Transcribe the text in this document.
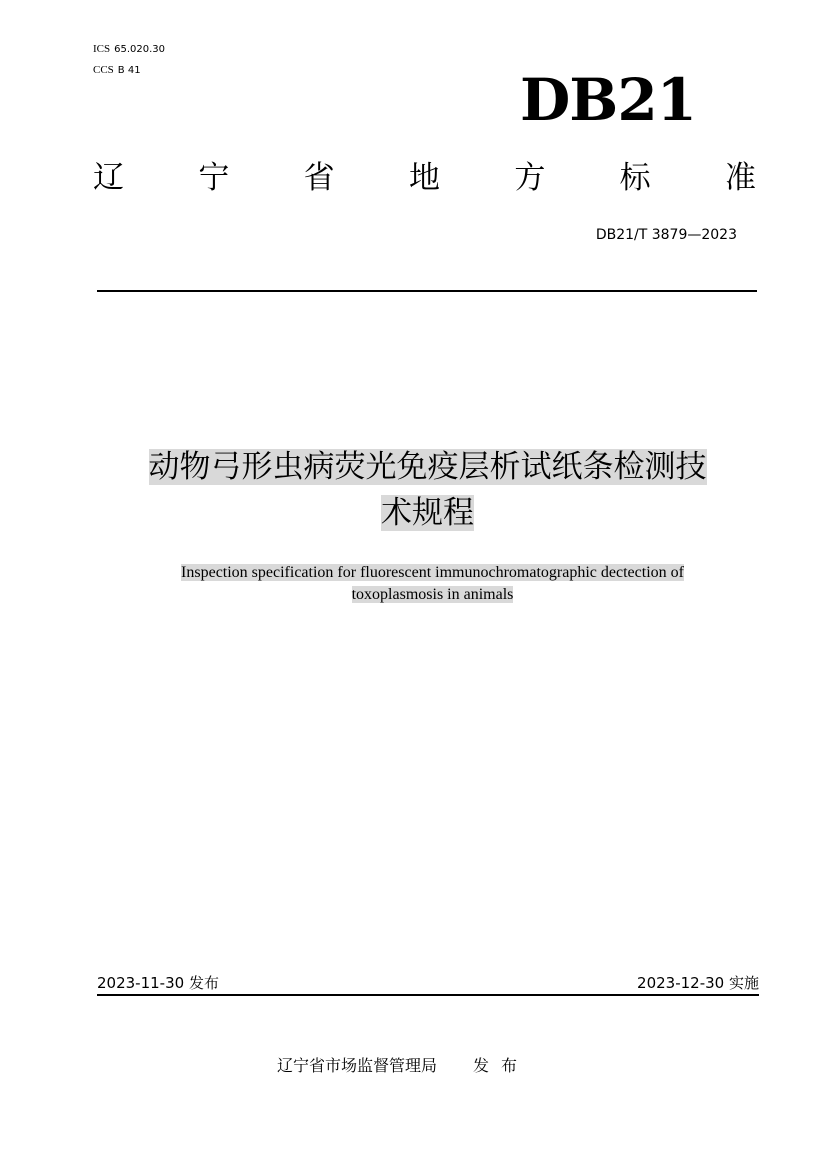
ICS 65.020.30
CCS B 41	DB21
辽 宁 省 地 方 标 准
DB21/T 3879—2023
动物弓形虫病荧光免疫层析试纸条检测技
术规程
Inspection specification for fluorescent immunochromatographic dectection of
toxoplasmosis in animals
2023-11-30 发布	2023-12-30 实施
辽宁省市场监督管理局 发布
